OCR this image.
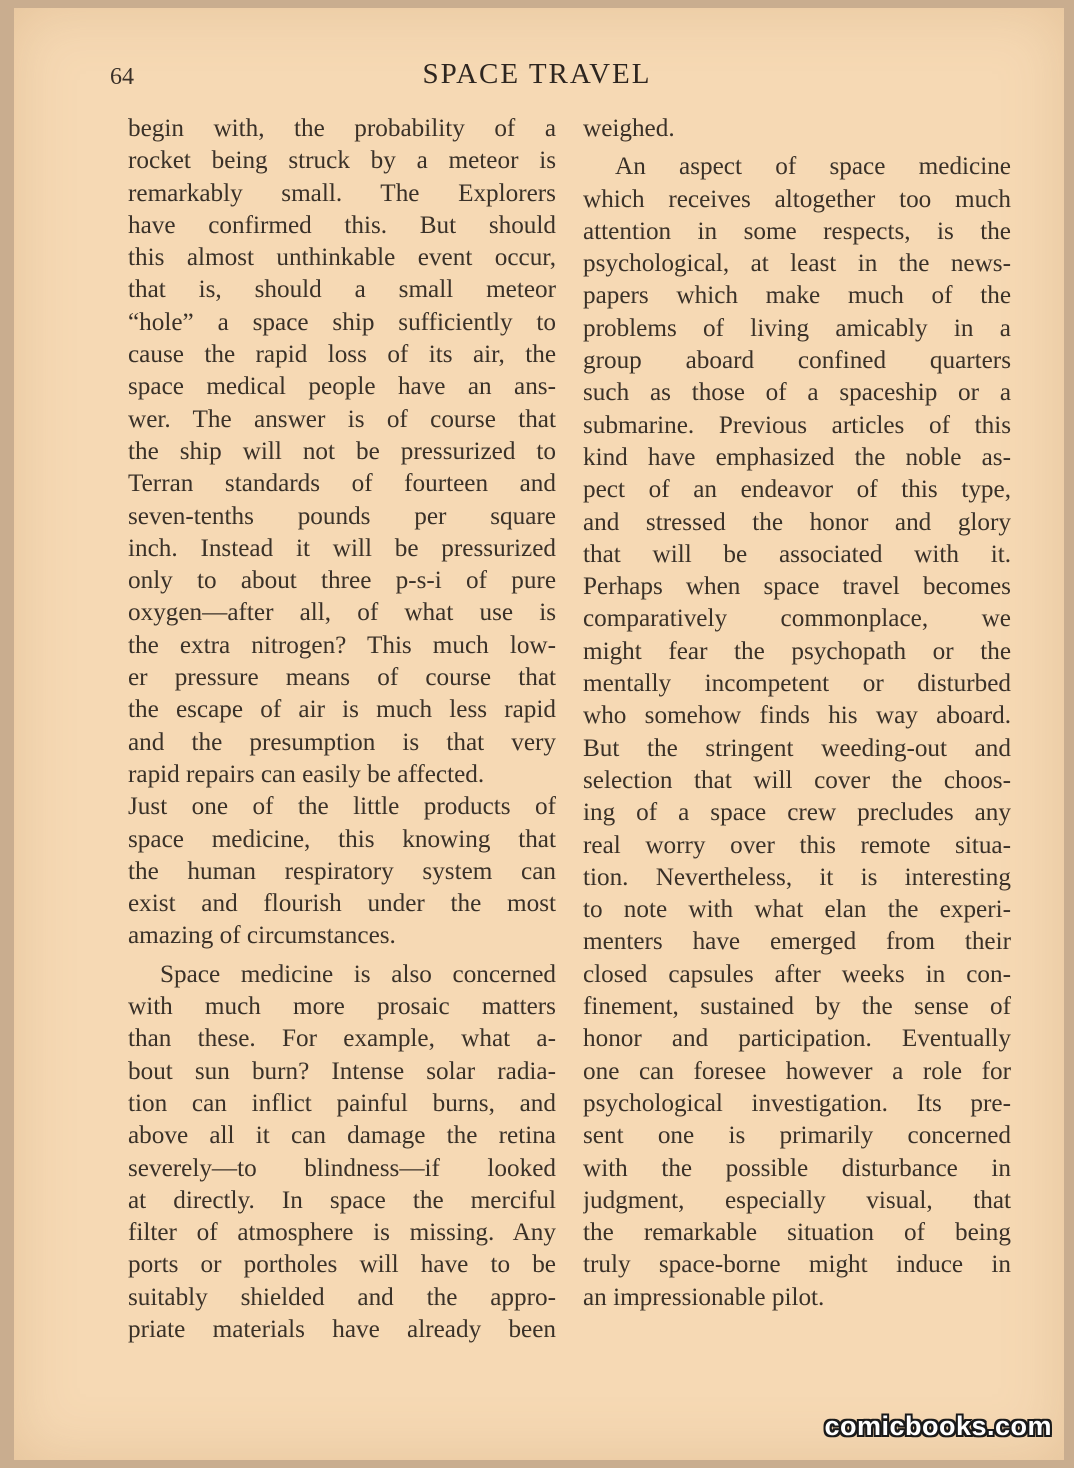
64	SPACE TRAVEL
begin with, the probability of a
rocket being struck by a meteor is
remarkably small. The Explorers
have confirmed this. But should
this almost unthinkable event occur,
that is, should a small meteor
“hole” a space ship sufficiently to
cause the rapid loss of its air, the
space medical people have an ans-
wer. The answer is of course that
the ship will not be pressurized to
Terran standards of fourteen and
seven-tenths pounds per square
inch. Instead it will be pressurized
only to about three p-s-i of pure
oxygen—after all, of what use is
the extra nitrogen? This much low-
er pressure means of course that
the escape of air is much less rapid
and the presumption is that very
rapid repairs can easily be affected.
Just one of the little products of
space medicine, this knowing that
the human respiratory system can
exist and flourish under the most
amazing of circumstances.
Space medicine is also concerned
with much more prosaic matters
than these. For example, what a-
bout sun burn? Intense solar radia-
tion can inflict painful burns, and
above all it can damage the retina
severely—to blindness—if looked
at directly. In space the merciful
filter of atmosphere is missing. Any
ports or portholes will have to be
suitably shielded and the appro-
priate materials have already been
weighed.
An aspect of space medicine
which receives altogether too much
attention in some respects, is the
psychological, at least in the news-
papers which make much of the
problems of living amicably in a
group aboard confined quarters
such as those of a spaceship or a
submarine. Previous articles of this
kind have emphasized the noble as-
pect of an endeavor of this type,
and stressed the honor and glory
that will be associated with it.
Perhaps when space travel becomes
comparatively commonplace, we
might fear the psychopath or the
mentally incompetent or disturbed
who somehow finds his way aboard.
But the stringent weeding-out and
selection that will cover the choos-
ing of a space crew precludes any
real worry over this remote situa-
tion. Nevertheless, it is interesting
to note with what elan the experi-
menters have emerged from their
closed capsules after weeks in con-
finement, sustained by the sense of
honor and participation. Eventually
one can foresee however a role for
psychological investigation. Its pre-
sent one is primarily concerned
with the possible disturbance in
judgment, especially visual, that
the remarkable situation of being
truly space-borne might induce in
an impressionable pilot.
comicbooks.com
